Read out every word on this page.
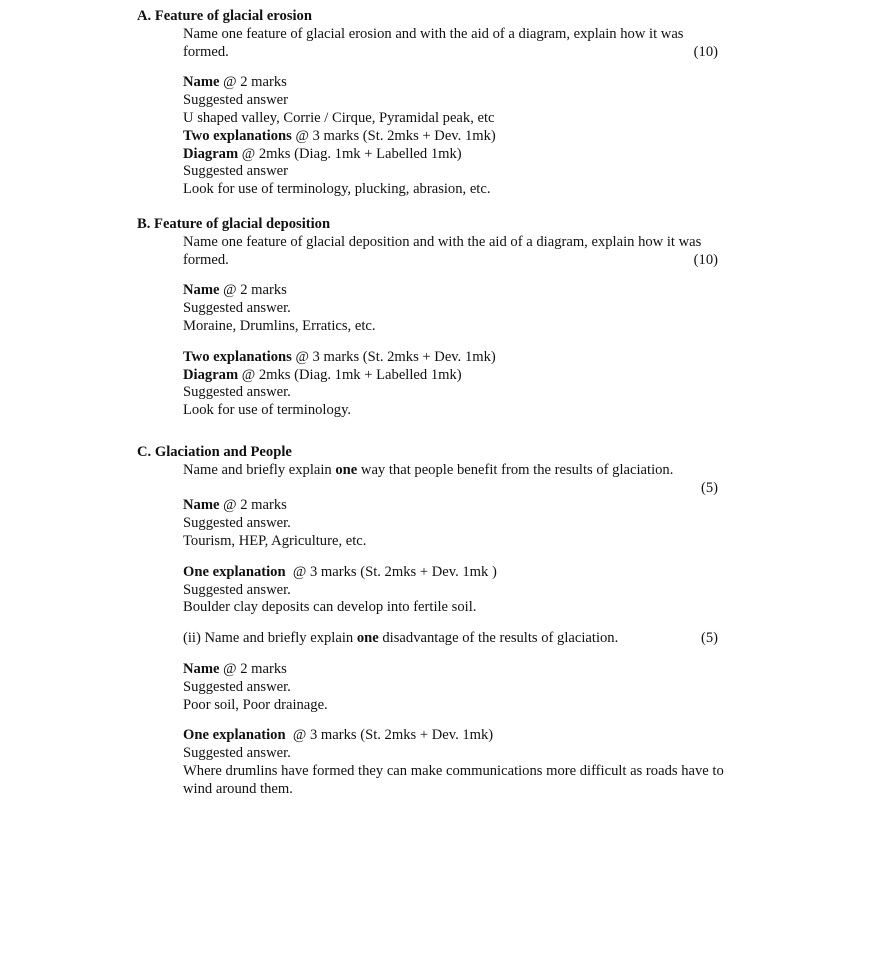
A. Feature of glacial erosion
Name one feature of glacial erosion and with the aid of a diagram, explain how it was
formed.	(10)
Name @ 2 marks
Suggested answer
U shaped valley, Corrie / Cirque, Pyramidal peak, etc
Two explanations @ 3 marks (St. 2mks + Dev. 1mk)
Diagram @ 2mks (Diag. 1mk + Labelled 1mk)
Suggested answer
Look for use of terminology, plucking, abrasion, etc.
B. Feature of glacial deposition
Name one feature of glacial deposition and with the aid of a diagram, explain how it was
formed.	(10)
Name @ 2 marks
Suggested answer.
Moraine, Drumlins, Erratics, etc.
Two explanations @ 3 marks (St. 2mks + Dev. 1mk)
Diagram @ 2mks (Diag. 1mk + Labelled 1mk)
Suggested answer.
Look for use of terminology.
C. Glaciation and People
Name and briefly explain one way that people benefit from the results of glaciation.
(5)
Name @ 2 marks
Suggested answer.
Tourism, HEP, Agriculture, etc.
One explanation  @ 3 marks (St. 2mks + Dev. 1mk )
Suggested answer.
Boulder clay deposits can develop into fertile soil.
(ii) Name and briefly explain one disadvantage of the results of glaciation.	(5)
Name @ 2 marks
Suggested answer.
Poor soil, Poor drainage.
One explanation  @ 3 marks (St. 2mks + Dev. 1mk)
Suggested answer.
Where drumlins have formed they can make communications more difficult as roads have to
wind around them.
